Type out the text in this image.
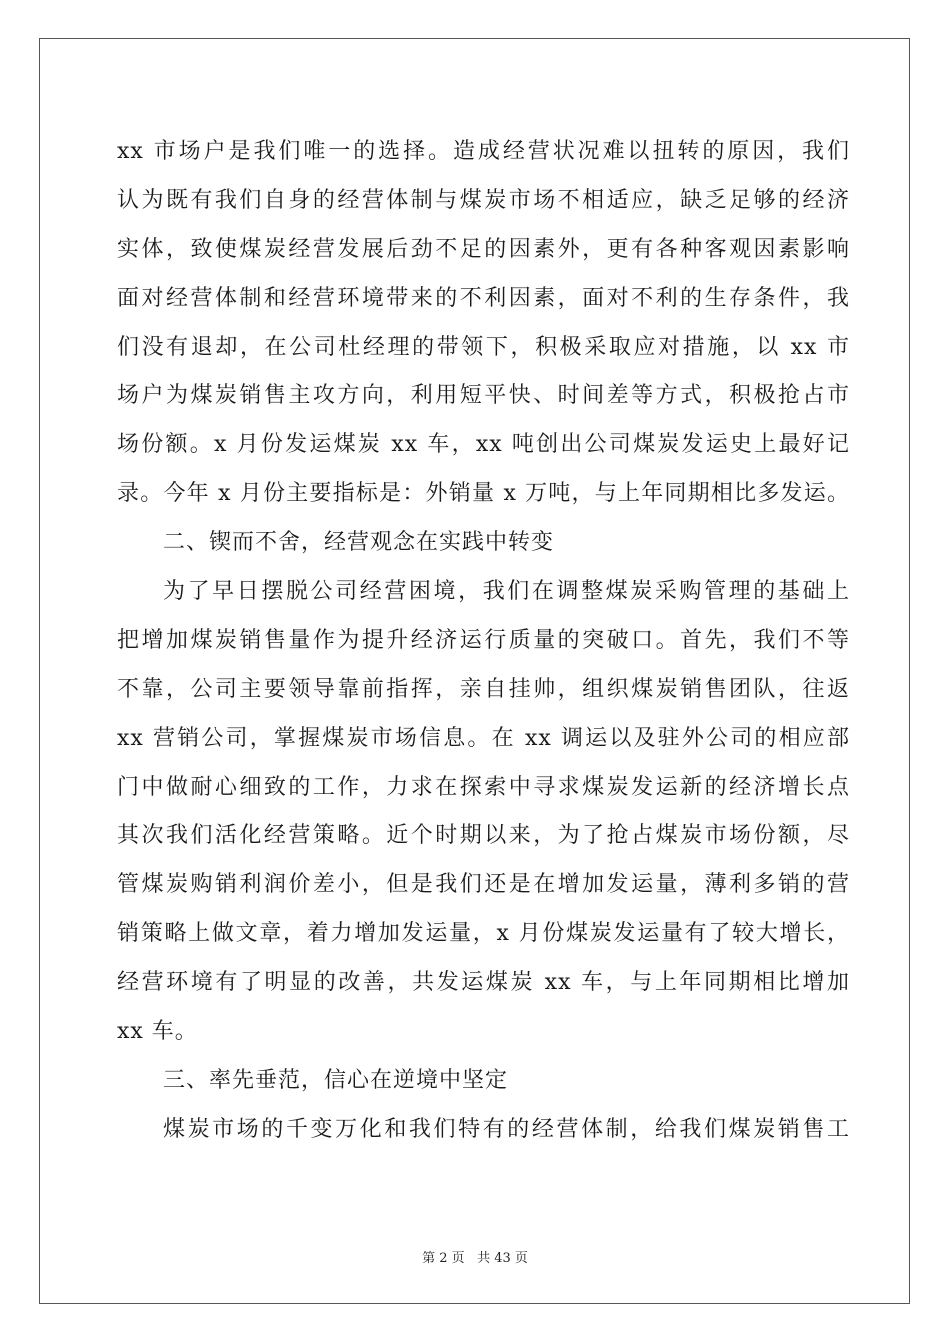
xx 市场户是我们唯一的选择。造成经营状况难以扭转的原因，我们
认为既有我们自身的经营体制与煤炭市场不相适应，缺乏足够的经济
实体，致使煤炭经营发展后劲不足的因素外，更有各种客观因素影响
面对经营体制和经营环境带来的不利因素，面对不利的生存条件，我
们没有退却，在公司杜经理的带领下，积极采取应对措施，以 xx 市
场户为煤炭销售主攻方向，利用短平快、时间差等方式，积极抢占市
场份额。x 月份发运煤炭 xx 车，xx 吨创出公司煤炭发运史上最好记
录。今年 x 月份主要指标是：外销量 x 万吨，与上年同期相比多发运。
二、锲而不舍，经营观念在实践中转变
为了早日摆脱公司经营困境，我们在调整煤炭采购管理的基础上
把增加煤炭销售量作为提升经济运行质量的突破口。首先，我们不等
不靠，公司主要领导靠前指挥，亲自挂帅，组织煤炭销售团队，往返
xx 营销公司，掌握煤炭市场信息。在 xx 调运以及驻外公司的相应部
门中做耐心细致的工作，力求在探索中寻求煤炭发运新的经济增长点
其次我们活化经营策略。近个时期以来，为了抢占煤炭市场份额，尽
管煤炭购销利润价差小，但是我们还是在增加发运量，薄利多销的营
销策略上做文章，着力增加发运量，x 月份煤炭发运量有了较大增长，
经营环境有了明显的改善，共发运煤炭 xx 车，与上年同期相比增加
xx 车。
三、率先垂范，信心在逆境中坚定
煤炭市场的千变万化和我们特有的经营体制，给我们煤炭销售工
第 2 页 共 43 页
